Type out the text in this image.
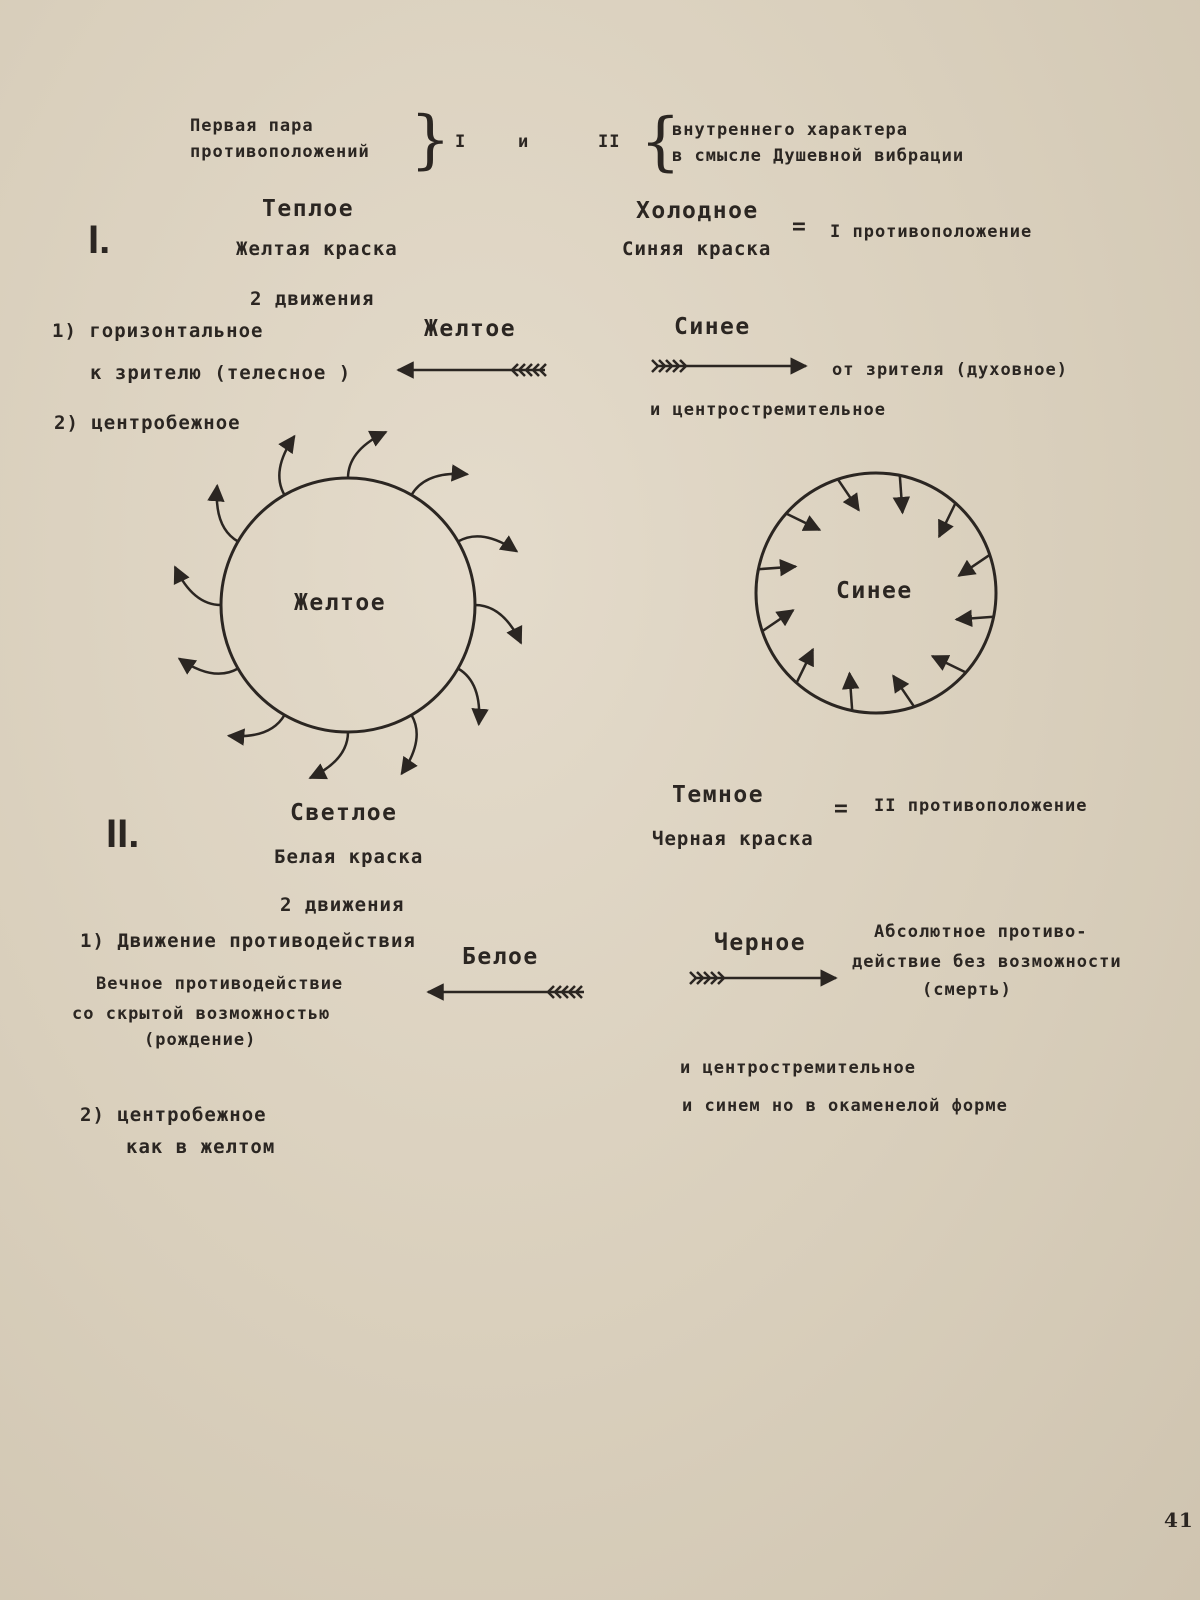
Первая пара
противоположений } I	и	II {
внутреннего характера
в смысле Душевной вибрации
I.
Теплое
Желтая краска
Холодное
Синяя краска
= I противоположение
2 движения
1) горизонтальное
к зрителю (телесное )
Желтое	Синее
от зрителя (духовное)
2) центробежное
и центростремительное
Желтое	Синее
II.	Светлое
Белая краска
Темное
Черная краска
= II противоположение
2 движения
1) Движение противодействия
Белое
Черное
Вечное противодействие
со скрытой возможностью
(рождение)
Абсолютное противо-
действие без возможности
(смерть)
и центростремительное
2) центробежное
как в желтом
и синем но в окаменелой форме
41
